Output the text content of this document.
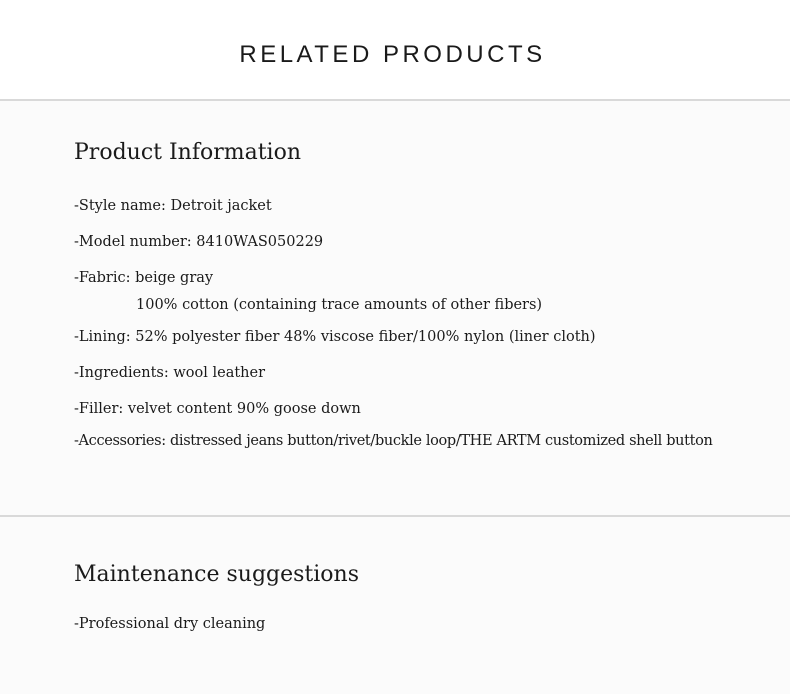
RELATED PRODUCTS
Product Information
-Style name: Detroit jacket
-Model number: 8410WAS050229
-Fabric: beige gray
100% cotton (containing trace amounts of other fibers)
-Lining: 52% polyester fiber 48% viscose fiber/100% nylon (liner cloth)
-Ingredients: wool leather
-Filler: velvet content 90% goose down
-Accessories: distressed jeans button/rivet/buckle loop/THE ARTM customized shell button
Maintenance suggestions
-Professional dry cleaning
